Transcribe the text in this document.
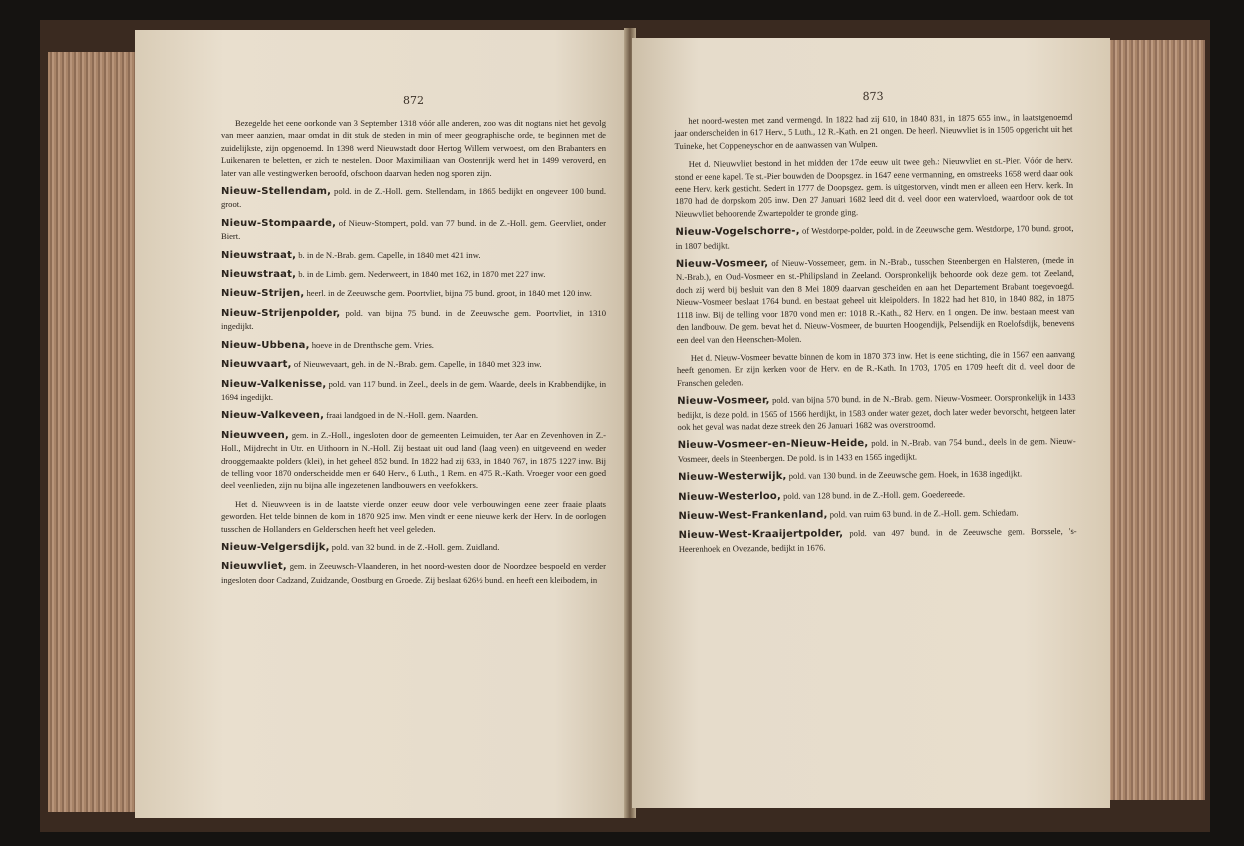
872

Bezegelde het eene oorkonde van 3 September 1318 vóór alle anderen, zoo was dit nogtans niet het gevolg van meer aanzien, maar omdat in dit stuk de steden in min of meer geographische orde, te beginnen met de zuidelijkste, zijn opgenoemd. In 1398 werd Nieuwstadt door Hertog Willem verwoest, om den Brabanters en Luikenaren te beletten, er zich te nestelen. Door Maximiliaan van Oostenrijk werd het in 1499 veroverd, en later van alle vestingwerken beroofd, ofschoon daarvan heden nog sporen zijn.

Nieuw-Stellendam, pold. in de Z.-Holl. gem. Stellendam, in 1865 bedijkt en ongeveer 100 bund. groot.

Nieuw-Stompaarde, of Nieuw-Stompert, pold. van 77 bund. in de Z.-Holl. gem. Geervliet, onder Biert.

Nieuwstraat, b. in de N.-Brab. gem. Capelle, in 1840 met 421 inw.

Nieuwstraat, b. in de Limb. gem. Nederweert, in 1840 met 162, in 1870 met 227 inw.

Nieuw-Strijen, heerl. in de Zeeuwsche gem. Poortvliet, bijna 75 bund. groot, in 1840 met 120 inw.

Nieuw-Strijenpolder, pold. van bijna 75 bund. in de Zeeuwsche gem. Poortvliet, in 1310 ingedijkt.

Nieuw-Ubbena, hoeve in de Drenthsche gem. Vries.

Nieuwvaart, of Nieuwevaart, geh. in de N.-Brab. gem. Capelle, in 1840 met 323 inw.

Nieuw-Valkenisse, pold. van 117 bund. in Zeel., deels in de gem. Waarde, deels in Krabbendijke, in 1694 ingedijkt.

Nieuw-Valkeveen, fraai landgoed in de N.-Holl. gem. Naarden.

Nieuwveen, gem. in Z.-Holl., ingesloten door de gemeenten Leimuiden, ter Aar en Zevenhoven in Z.-Holl., Mijdrecht in Utr. en Uithoorn in N.-Holl. Zij bestaat uit oud land (laag veen) en uitgeveend en weder drooggemaakte polders (klei), in het geheel 852 bund. In 1822 had zij 633, in 1840 767, in 1875 1227 inw. Bij de telling voor 1870 onderscheidde men er 640 Herv., 6 Luth., 1 Rem. en 475 R.-Kath. Vroeger voor een goed deel veenlieden, zijn nu bijna alle ingezetenen landbouwers en veefokkers.

Het d. Nieuwveen is in de laatste vierde onzer eeuw door vele verbouwingen eene zeer fraaie plaats geworden. Het telde binnen de kom in 1870 925 inw. Men vindt er eene nieuwe kerk der Herv. In de oorlogen tusschen de Hollanders en Gelderschen heeft het veel geleden.

Nieuw-Velgersdijk, pold. van 32 bund. in de Z.-Holl. gem. Zuidland.

Nieuwvliet, gem. in Zeeuwsch-Vlaanderen, in het noord-westen door de Noordzee bespoeld en verder ingesloten door Cadzand, Zuidzande, Oostburg en Groede. Zij beslaat 626½ bund. en heeft een kleibodem, in

873

het noord-westen met zand vermengd. In 1822 had zij 610, in 1840 831, in 1875 655 inw., in laatstgenoemd jaar onderscheiden in 617 Herv., 5 Luth., 12 R.-Kath. en 21 ongen. De heerl. Nieuwvliet is in 1505 opgericht uit het Tuineke, het Coppeneyschor en de aanwassen van Wulpen.

Het d. Nieuwvliet bestond in het midden der 17de eeuw uit twee geh.: Nieuwvliet en st.-Pier. Vóór de herv. stond er eene kapel. Te st.-Pier bouwden de Doopsgez. in 1647 eene vermanning, en omstreeks 1658 werd daar ook eene Herv. kerk gesticht. Sedert in 1777 de Doopsgez. gem. is uitgestorven, vindt men er alleen een Herv. kerk. In 1870 had de dorpskom 205 inw. Den 27 Januari 1682 leed dit d. veel door een watervloed, waardoor ook de tot Nieuwvliet behoorende Zwartepolder te gronde ging.

Nieuw-Vogelschorre-, of Westdorpe-polder, pold. in de Zeeuwsche gem. Westdorpe, 170 bund. groot, in 1807 bedijkt.

Nieuw-Vosmeer, of Nieuw-Vossemeer, gem. in N.-Brab., tusschen Steenbergen en Halsteren, (mede in N.-Brab.), en Oud-Vosmeer en st.-Philipsland in Zeeland. Oorspronkelijk behoorde ook deze gem. tot Zeeland, doch zij werd bij besluit van den 8 Mei 1809 daarvan gescheiden en aan het Departement Brabant toegevoegd. Nieuw-Vosmeer beslaat 1764 bund. en bestaat geheel uit kleipolders. In 1822 had het 810, in 1840 882, in 1875 1118 inw. Bij de telling voor 1870 vond men er: 1018 R.-Kath., 82 Herv. en 1 ongen. De inw. bestaan meest van den landbouw. De gem. bevat het d. Nieuw-Vosmeer, de buurten Hoogendijk, Pelsendijk en Roelofsdijk, benevens een deel van den Heenschen-Molen.

Het d. Nieuw-Vosmeer bevatte binnen de kom in 1870 373 inw. Het is eene stichting, die in 1567 een aanvang heeft genomen. Er zijn kerken voor de Herv. en de R.-Kath. In 1703, 1705 en 1709 heeft dit d. veel door de Franschen geleden.

Nieuw-Vosmeer, pold. van bijna 570 bund. in de N.-Brab. gem. Nieuw-Vosmeer. Oorspronkelijk in 1433 bedijkt, is deze pold. in 1565 of 1566 herdijkt, in 1583 onder water gezet, doch later weder bevorscht, hetgeen later ook het geval was nadat deze streek den 26 Januari 1682 was overstroomd.

Nieuw-Vosmeer-en-Nieuw-Heide, pold. in N.-Brab. van 754 bund., deels in de gem. Nieuw-Vosmeer, deels in Steenbergen. De pold. is in 1433 en 1565 ingedijkt.

Nieuw-Westerwijk, pold. van 130 bund. in de Zeeuwsche gem. Hoek, in 1638 ingedijkt.

Nieuw-Westerloo, pold. van 128 bund. in de Z.-Holl. gem. Goedereede.

Nieuw-West-Frankenland, pold. van ruim 63 bund. in de Z.-Holl. gem. Schiedam.

Nieuw-West-Kraaijertpolder, pold. van 497 bund. in de Zeeuwsche gem. Borssele, 's-Heerenhoek en Ovezande, bedijkt in 1676.
